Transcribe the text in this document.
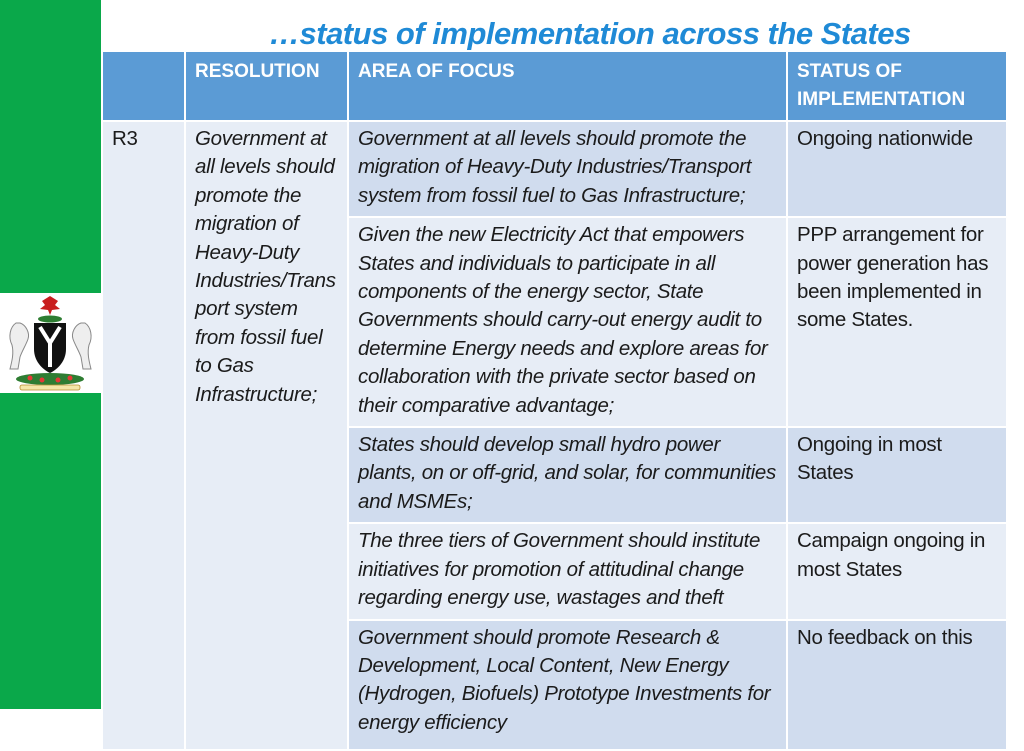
…status of implementation across the States
	RESOLUTION	AREA OF FOCUS	STATUS OF IMPLEMENTATION
R3	Government at all levels should promote the migration of Heavy-Duty Industries/Trans port system from fossil fuel to Gas Infrastructure;	Government at all levels should promote the migration of Heavy-Duty Industries/Transport system from fossil fuel to Gas Infrastructure;	Ongoing nationwide
		Given the new Electricity Act that empowers States and individuals to participate in all components of the energy sector, State Governments should carry-out energy audit to determine Energy needs and explore areas for collaboration with the private sector based on their comparative advantage;	PPP arrangement for power generation has been implemented in some States.
		States should develop small hydro power plants, on or off-grid, and solar, for communities and MSMEs;	Ongoing in most States
		The three tiers of Government should institute initiatives for promotion of attitudinal change regarding energy use, wastages and theft	Campaign ongoing in most States
		Government should promote Research & Development, Local Content, New Energy (Hydrogen, Biofuels) Prototype Investments for energy efficiency	No feedback on this
